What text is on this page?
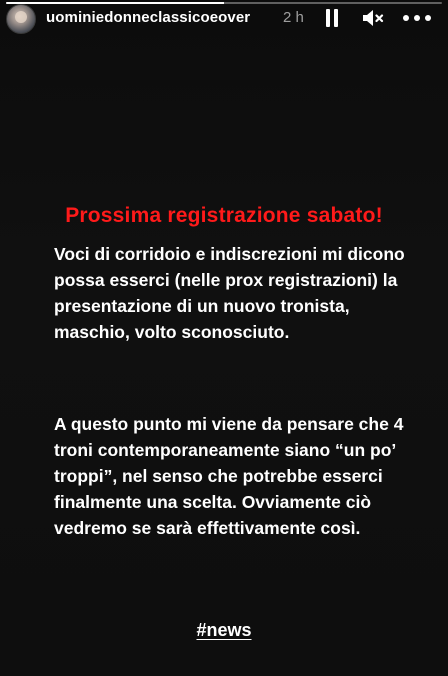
uominiedonneclassicoeover 2 h
Prossima registrazione sabato!

Voci di corridoio e indiscrezioni mi dicono possa esserci (nelle prox registrazioni) la presentazione di un nuovo tronista, maschio, volto sconosciuto.

A questo punto mi viene da pensare che 4 troni contemporaneamente siano “un po’ troppi”, nel senso che potrebbe esserci finalmente una scelta. Ovviamente ciò vedremo se sarà effettivamente così.

#news
